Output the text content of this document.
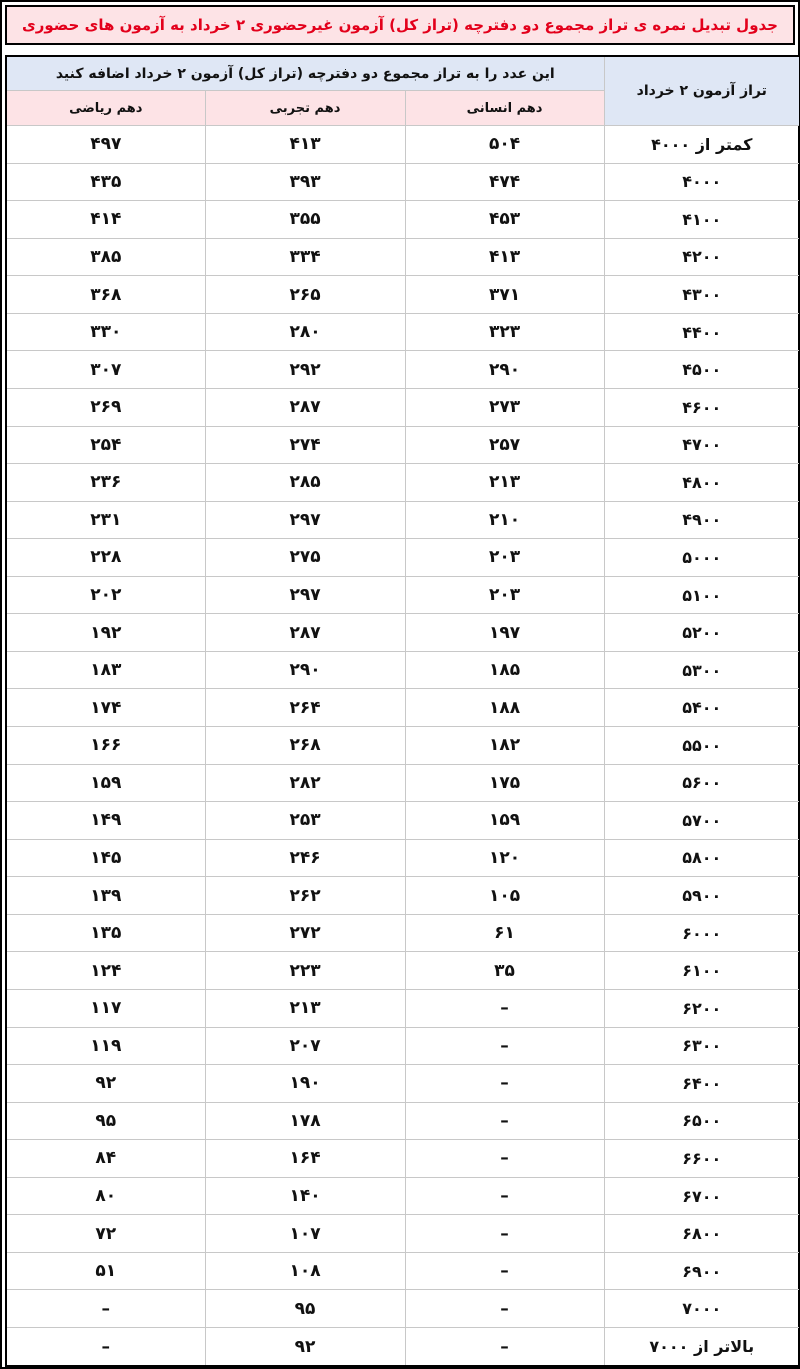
جدول تبدیل نمره ی تراز مجموع دو دفترچه (تراز کل) آزمون غیرحضوری ۲ خرداد به آزمون های حضوری
تراز آزمون ۲ خرداد	این عدد را به تراز مجموع دو دفترچه (تراز کل) آزمون ۲ خرداد اضافه کنید		
	دهم انسانی	دهم تجربی	دهم ریاضی
کمتر از ۴۰۰۰	۵۰۴	۴۱۳	۴۹۷
۴۰۰۰	۴۷۴	۳۹۳	۴۳۵
۴۱۰۰	۴۵۳	۳۵۵	۴۱۴
۴۲۰۰	۴۱۳	۳۳۴	۳۸۵
۴۳۰۰	۳۷۱	۲۶۵	۳۶۸
۴۴۰۰	۳۲۳	۲۸۰	۳۳۰
۴۵۰۰	۲۹۰	۲۹۲	۳۰۷
۴۶۰۰	۲۷۳	۲۸۷	۲۶۹
۴۷۰۰	۲۵۷	۲۷۴	۲۵۴
۴۸۰۰	۲۱۳	۲۸۵	۲۳۶
۴۹۰۰	۲۱۰	۲۹۷	۲۳۱
۵۰۰۰	۲۰۳	۲۷۵	۲۲۸
۵۱۰۰	۲۰۳	۲۹۷	۲۰۲
۵۲۰۰	۱۹۷	۲۸۷	۱۹۲
۵۳۰۰	۱۸۵	۲۹۰	۱۸۳
۵۴۰۰	۱۸۸	۲۶۴	۱۷۴
۵۵۰۰	۱۸۲	۲۶۸	۱۶۶
۵۶۰۰	۱۷۵	۲۸۲	۱۵۹
۵۷۰۰	۱۵۹	۲۵۳	۱۴۹
۵۸۰۰	۱۲۰	۲۴۶	۱۴۵
۵۹۰۰	۱۰۵	۲۶۲	۱۳۹
۶۰۰۰	۶۱	۲۷۲	۱۳۵
۶۱۰۰	۳۵	۲۲۳	۱۲۴
۶۲۰۰	–	۲۱۳	۱۱۷
۶۳۰۰	–	۲۰۷	۱۱۹
۶۴۰۰	–	۱۹۰	۹۲
۶۵۰۰	–	۱۷۸	۹۵
۶۶۰۰	–	۱۶۴	۸۴
۶۷۰۰	–	۱۴۰	۸۰
۶۸۰۰	–	۱۰۷	۷۲
۶۹۰۰	–	۱۰۸	۵۱
۷۰۰۰	–	۹۵	–
بالاتر از ۷۰۰۰	–	۹۲	–
